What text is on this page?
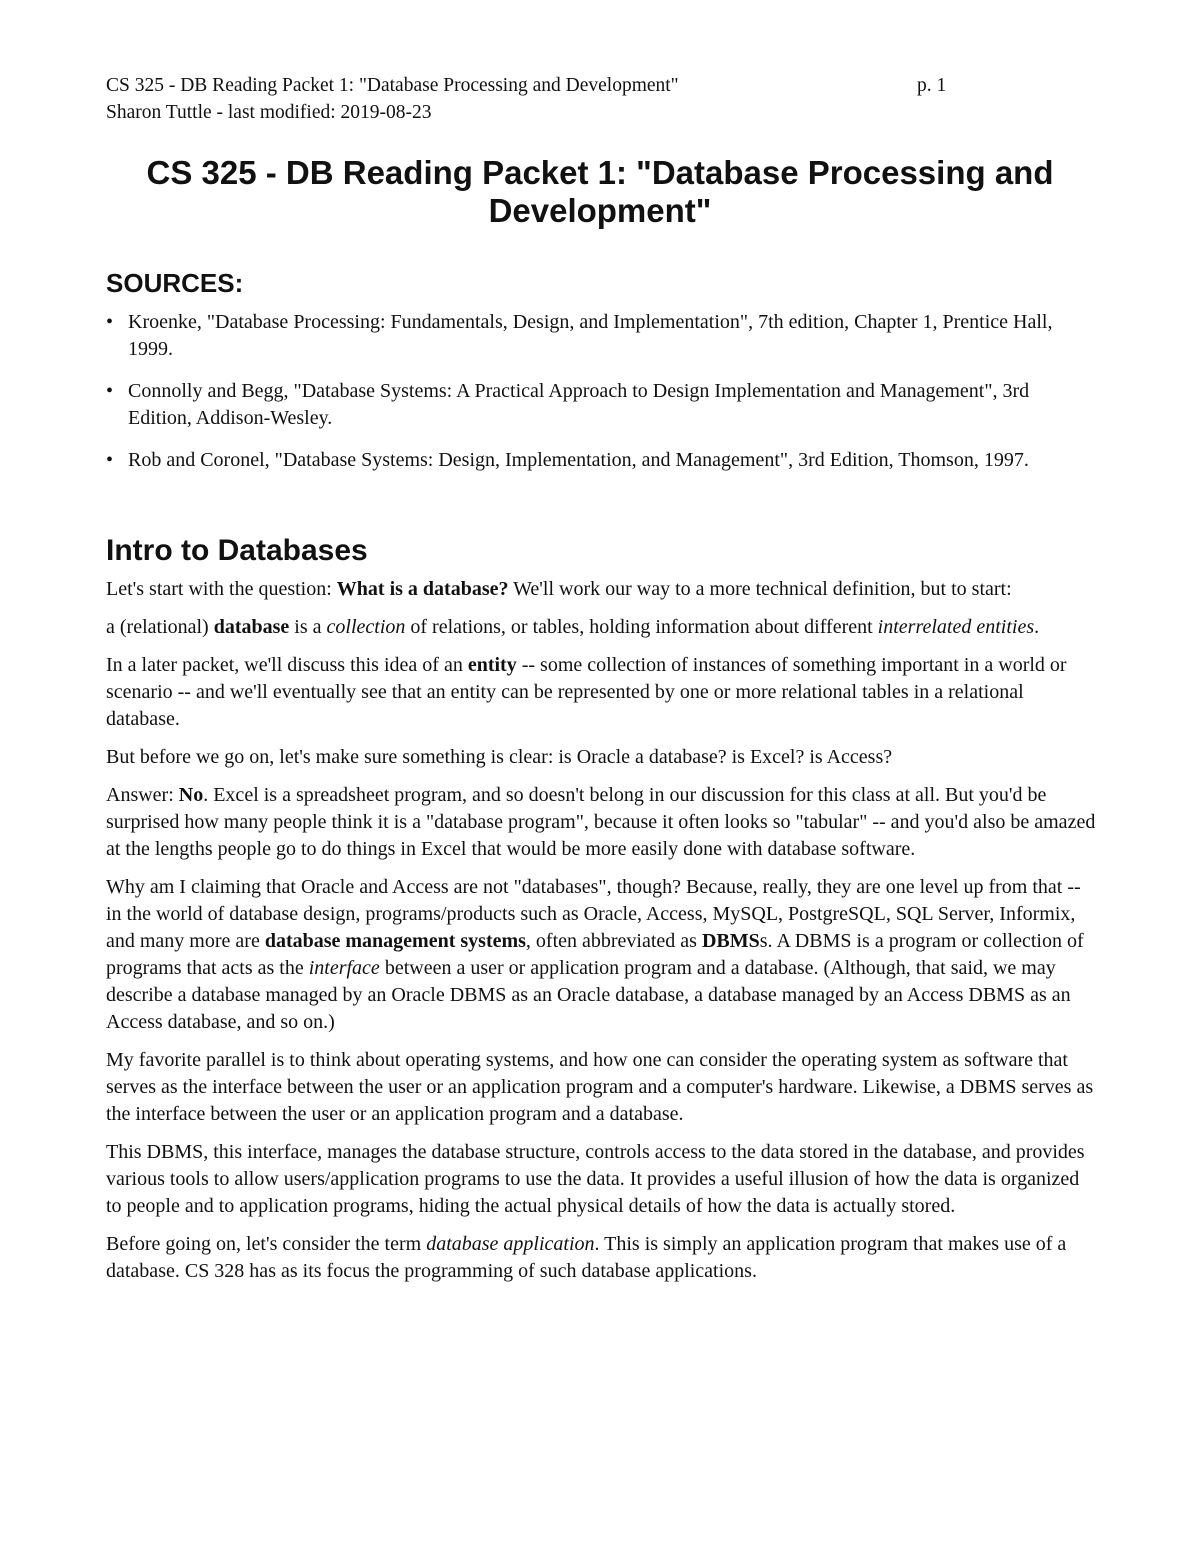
CS 325 - DB Reading Packet 1: "Database Processing and Development"
Sharon Tuttle - last modified: 2019-08-23
p. 1
CS 325 - DB Reading Packet 1: "Database Processing and Development"
SOURCES:
• Kroenke, "Database Processing: Fundamentals, Design, and Implementation", 7th edition, Chapter 1, Prentice Hall, 1999.
• Connolly and Begg, "Database Systems: A Practical Approach to Design Implementation and Management", 3rd Edition, Addison-Wesley.
• Rob and Coronel, "Database Systems: Design, Implementation, and Management", 3rd Edition, Thomson, 1997.
Intro to Databases

Let's start with the question: What is a database? We'll work our way to a more technical definition, but to start:

a (relational) database is a collection of relations, or tables, holding information about different interrelated entities.

In a later packet, we'll discuss this idea of an entity -- some collection of instances of something important in a world or scenario -- and we'll eventually see that an entity can be represented by one or more relational tables in a relational database.

But before we go on, let's make sure something is clear: is Oracle a database? is Excel? is Access?

Answer: No. Excel is a spreadsheet program, and so doesn't belong in our discussion for this class at all. But you'd be surprised how many people think it is a "database program", because it often looks so "tabular" -- and you'd also be amazed at the lengths people go to do things in Excel that would be more easily done with database software.

Why am I claiming that Oracle and Access are not "databases", though? Because, really, they are one level up from that -- in the world of database design, programs/products such as Oracle, Access, MySQL, PostgreSQL, SQL Server, Informix, and many more are database management systems, often abbreviated as DBMSs. A DBMS is a program or collection of programs that acts as the interface between a user or application program and a database. (Although, that said, we may describe a database managed by an Oracle DBMS as an Oracle database, a database managed by an Access DBMS as an Access database, and so on.)

My favorite parallel is to think about operating systems, and how one can consider the operating system as software that serves as the interface between the user or an application program and a computer's hardware. Likewise, a DBMS serves as the interface between the user or an application program and a database.

This DBMS, this interface, manages the database structure, controls access to the data stored in the database, and provides various tools to allow users/application programs to use the data. It provides a useful illusion of how the data is organized to people and to application programs, hiding the actual physical details of how the data is actually stored.

Before going on, let's consider the term database application. This is simply an application program that makes use of a database. CS 328 has as its focus the programming of such database applications.
